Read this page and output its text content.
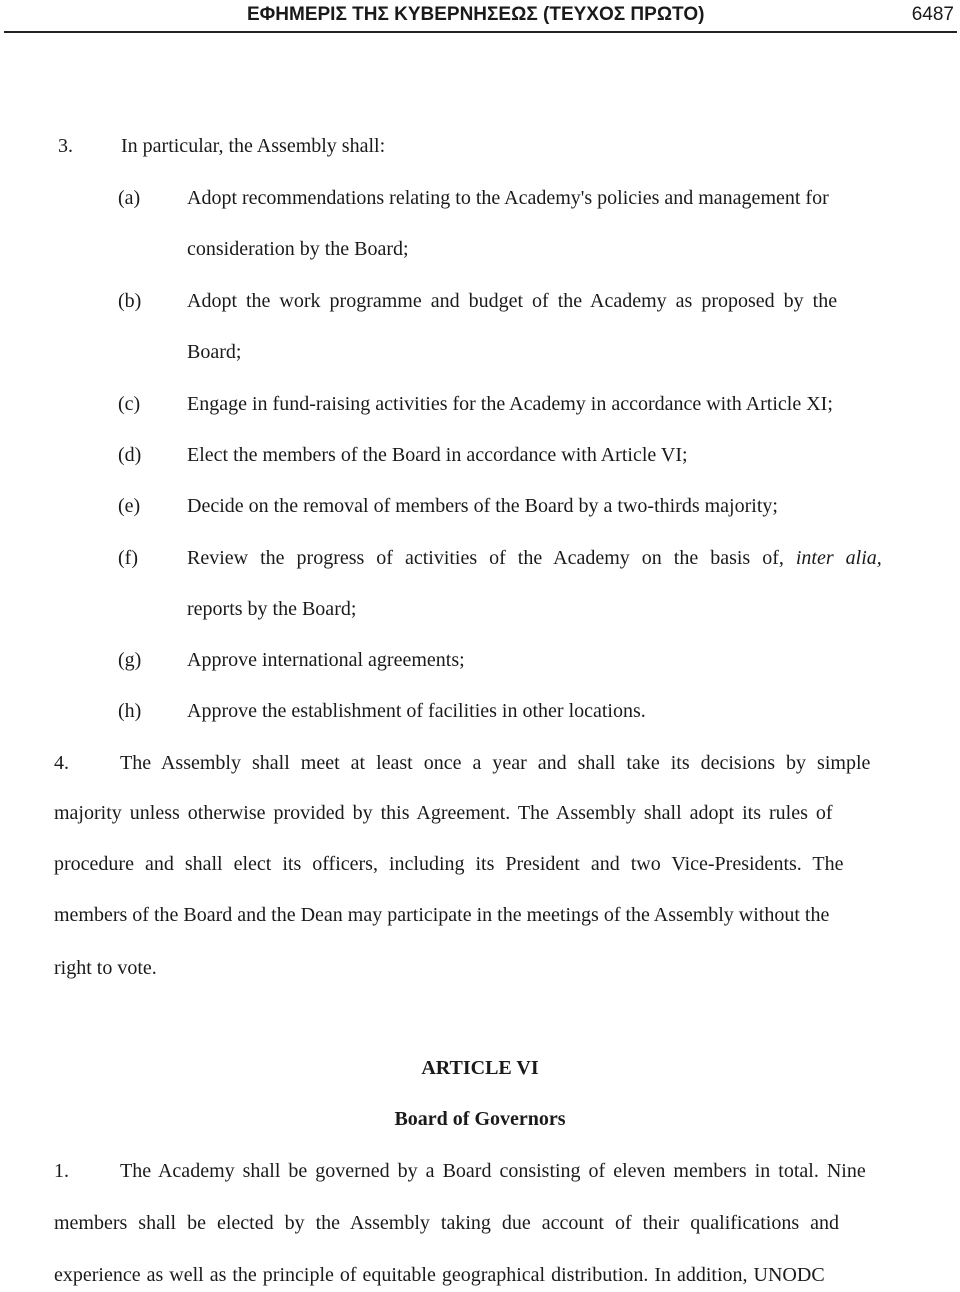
ΕΦΗΜΕΡΙΣ ΤΗΣ ΚΥΒΕΡΝΗΣΕΩΣ (ΤΕΥΧΟΣ ΠΡΩΤΟ)	6487
3. In particular, the Assembly shall:
(a) Adopt recommendations relating to the Academy's policies and management for
consideration by the Board;
(b) Adopt the work programme and budget of the Academy as proposed by the
Board;
(c) Engage in fund-raising activities for the Academy in accordance with Article XI;
(d) Elect the members of the Board in accordance with Article VI;
(e) Decide on the removal of members of the Board by a two-thirds majority;
(f) Review the progress of activities of the Academy on the basis of, inter alia,
reports by the Board;
(g) Approve international agreements;
(h) Approve the establishment of facilities in other locations.
4.	The Assembly shall meet at least once a year and shall take its decisions by simple
majority unless otherwise provided by this Agreement. The Assembly shall adopt its rules of
procedure and shall elect its officers, including its President and two Vice-Presidents. The
members of the Board and the Dean may participate in the meetings of the Assembly without the
right to vote.
ARTICLE VI
Board of Governors
1.	The Academy shall be governed by a Board consisting of eleven members in total. Nine
members shall be elected by the Assembly taking due account of their qualifications and
experience as well as the principle of equitable geographical distribution. In addition, UNODC
